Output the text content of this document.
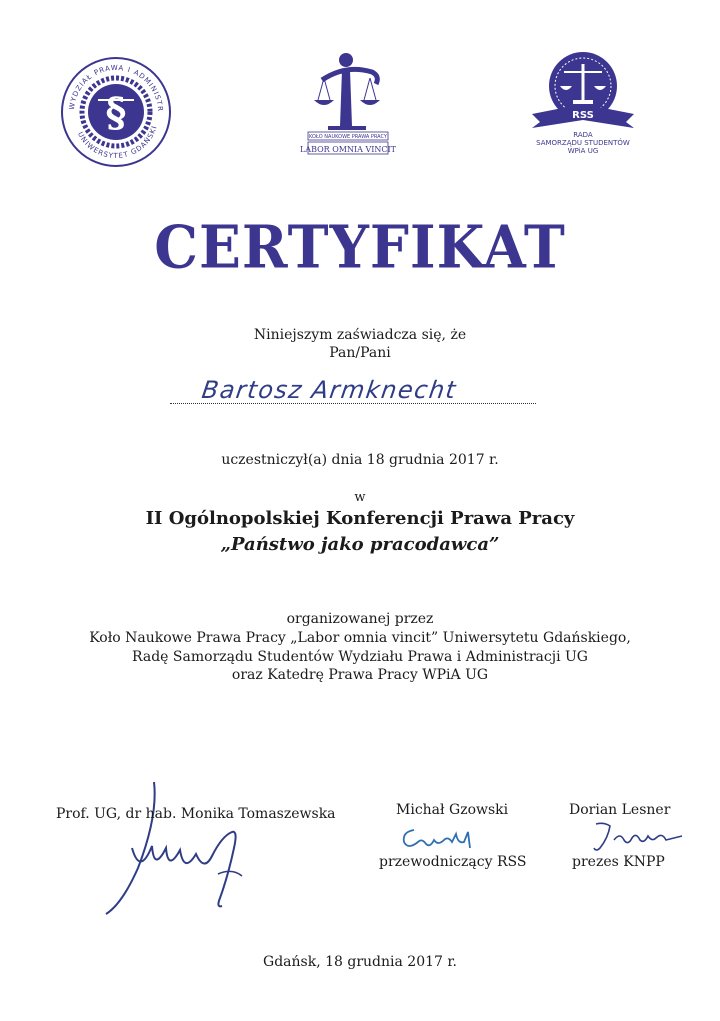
§
WYDZIAŁ PRAWA I ADMINISTR
UNIWERSYTET GDAŃSKI
KOŁO NAUKOWE PRAWA PRACY
LABOR OMNIA VINCIT
RSS
RADA
SAMORZĄDU STUDENTÓW
WPiA UG
CERTYFIKAT
Niniejszym zaświadcza się, że
Pan/Pani
Bartosz Armknecht
uczestniczył(a) dnia 18 grudnia 2017 r.
w
II Ogólnopolskiej Konferencji Prawa Pracy
„Państwo jako pracodawca”
organizowanej przez
Koło Naukowe Prawa Pracy „Labor omnia vincit” Uniwersytetu Gdańskiego,
Radę Samorządu Studentów Wydziału Prawa i Administracji UG
oraz Katedrę Prawa Pracy WPiA UG
Prof. UG, dr hab. Monika Tomaszewska	Michał Gzowski
przewodniczący RSS
Dorian Lesner
prezes KNPP
Gdańsk, 18 grudnia 2017 r.
